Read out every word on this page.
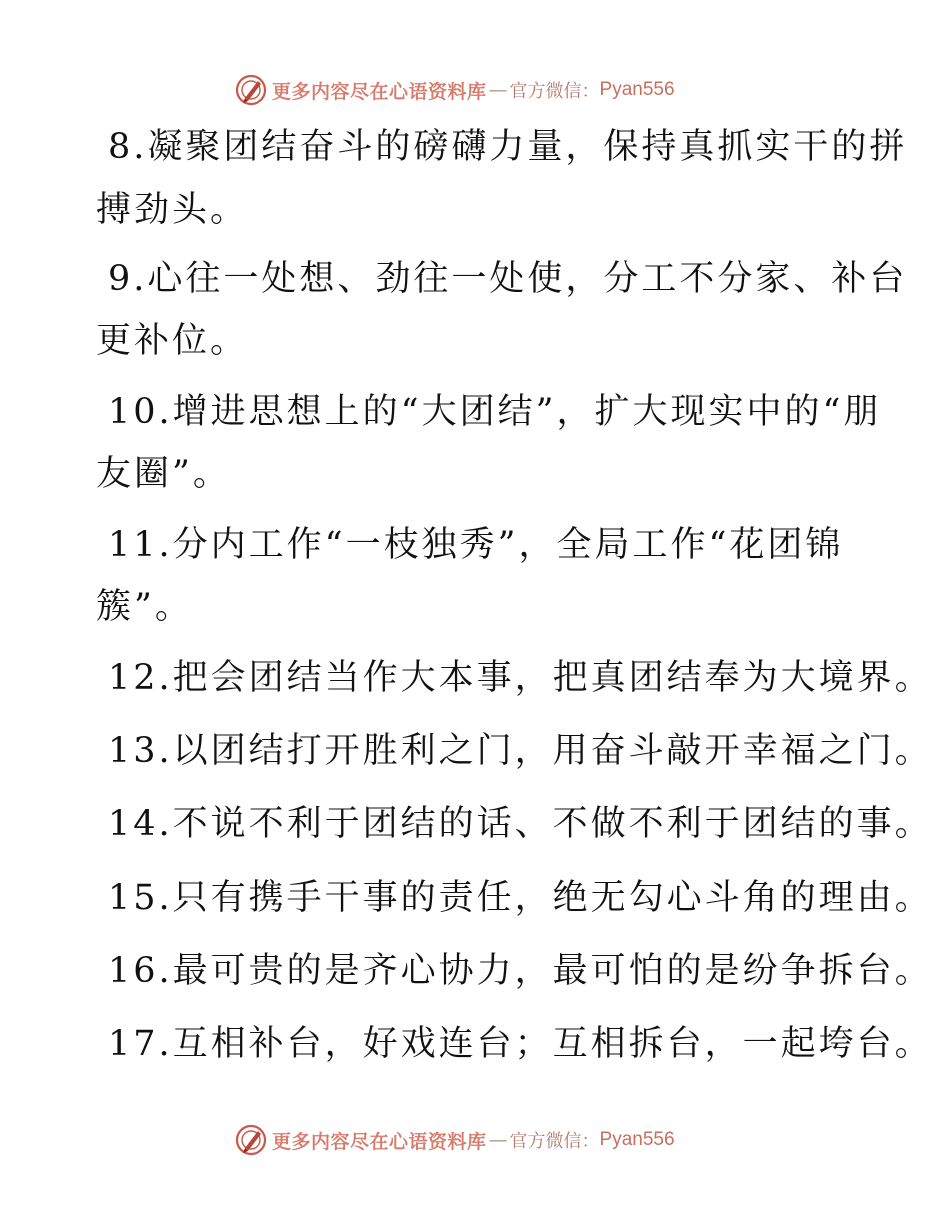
更多内容尽在心语资料库 — 官方微信： Pyan556
8.凝聚团结奋斗的磅礴力量，保持真抓实干的拼
搏劲头。
9.心往一处想、劲往一处使，分工不分家、补台
更补位。
10.增进思想上的“大团结”，扩大现实中的“朋
友圈”。
11.分内工作“一枝独秀”，全局工作“花团锦
簇”。
12.把会团结当作大本事，把真团结奉为大境界。
13.以团结打开胜利之门，用奋斗敲开幸福之门。
14.不说不利于团结的话、不做不利于团结的事。
15.只有携手干事的责任，绝无勾心斗角的理由。
16.最可贵的是齐心协力，最可怕的是纷争拆台。
17.互相补台，好戏连台；互相拆台，一起垮台。
更多内容尽在心语资料库 — 官方微信： Pyan556
